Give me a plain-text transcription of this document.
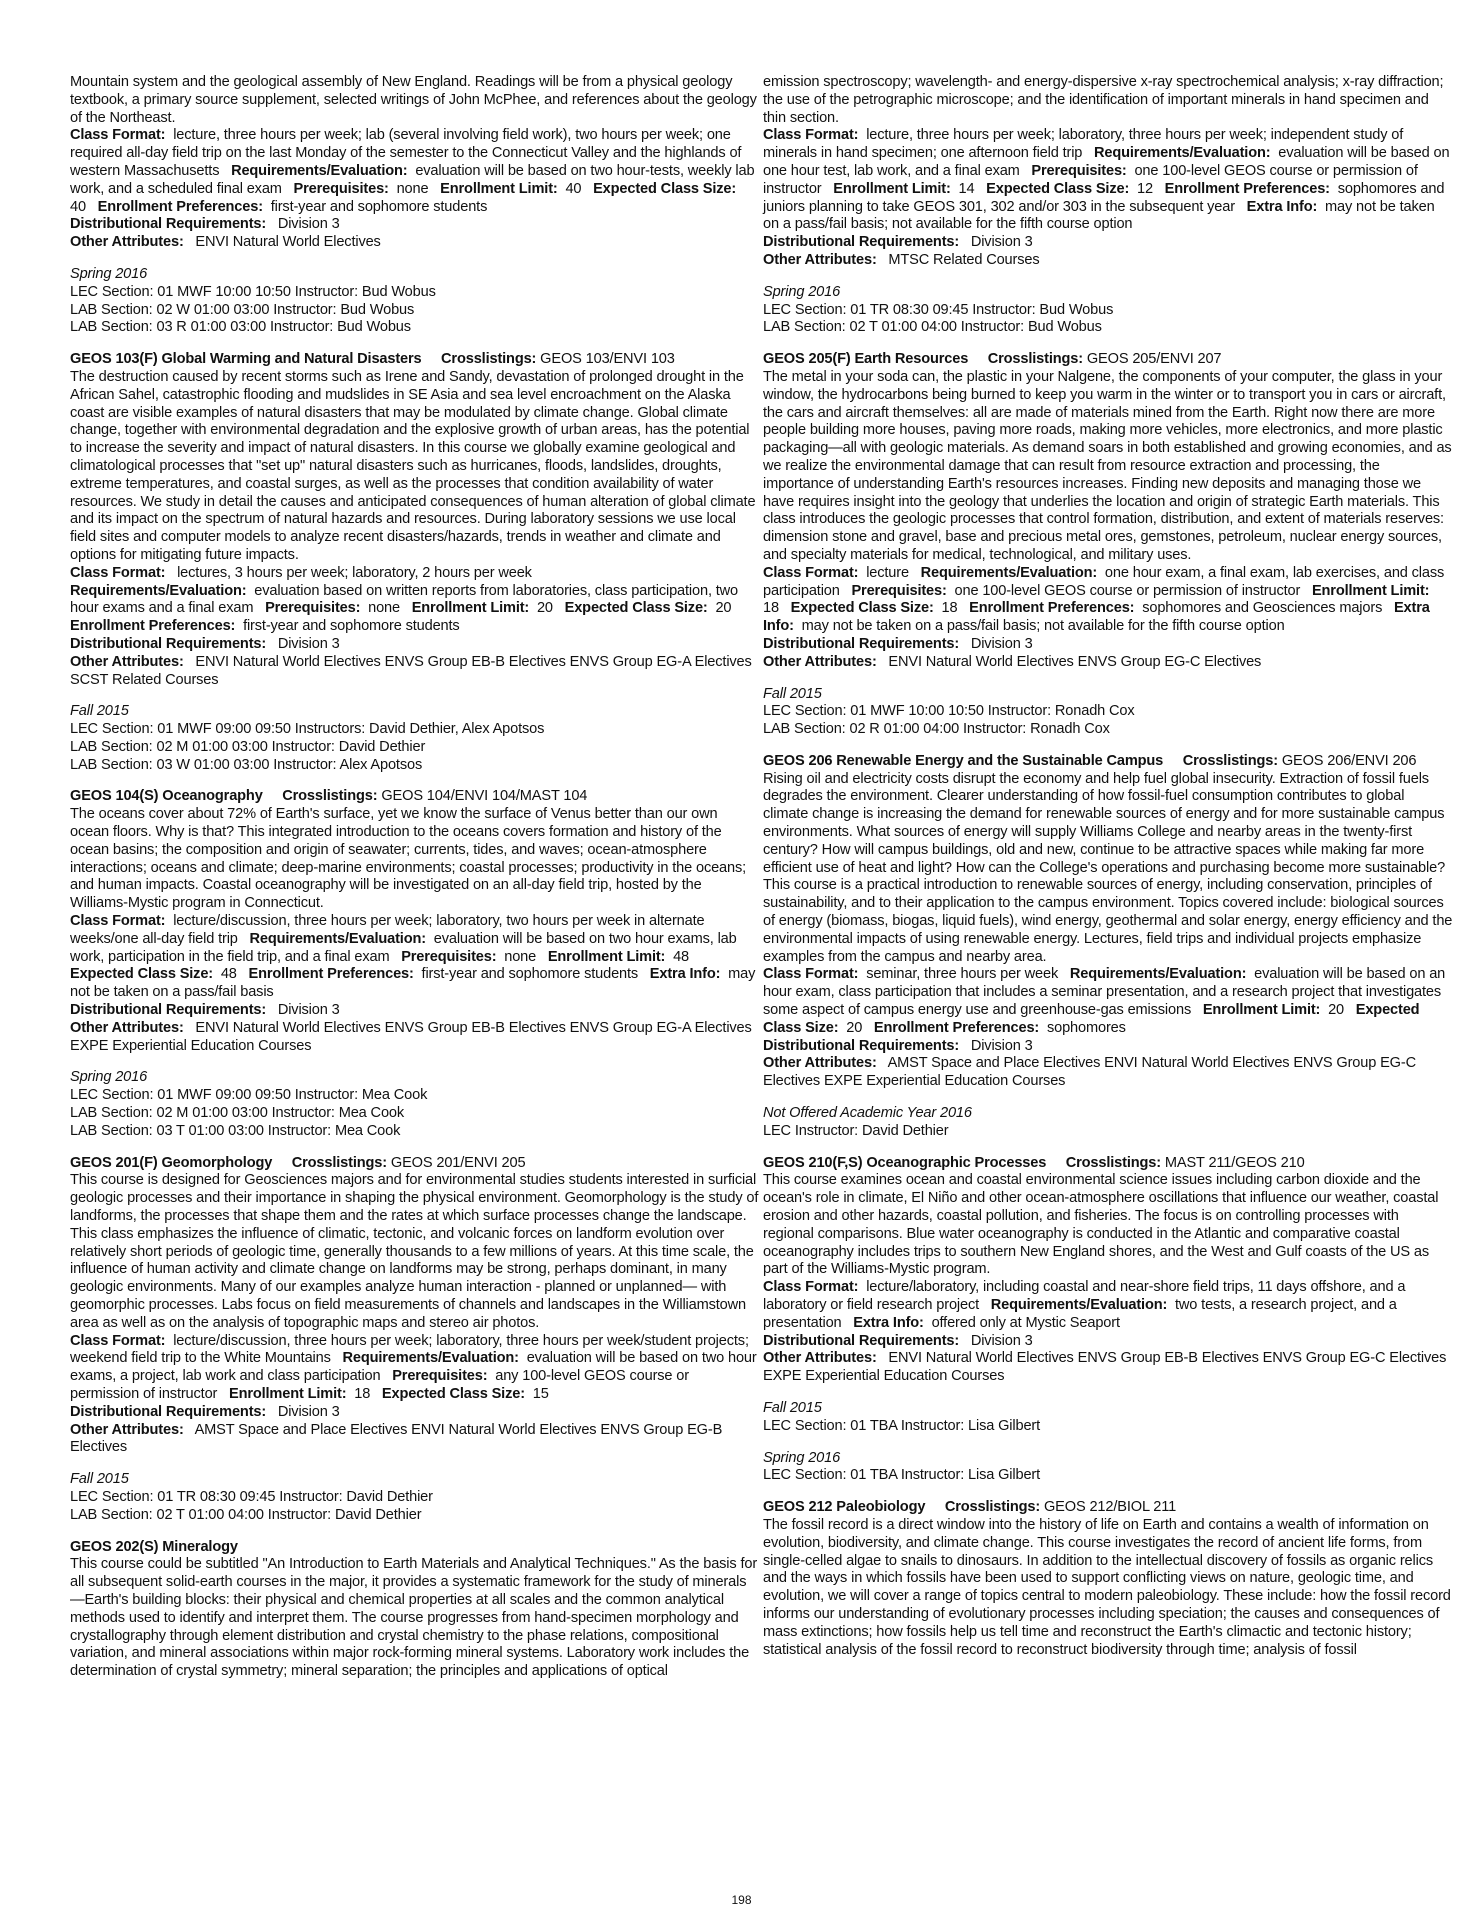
Mountain system and the geological assembly of New England. Readings will be from a physical geology textbook, a primary source supplement, selected writings of John McPhee, and references about the geology of the Northeast.

Class Format: lecture, three hours per week; lab (several involving field work), two hours per week; one required all-day field trip on the last Monday of the semester to the Connecticut Valley and the highlands of western Massachusetts Requirements/Evaluation: evaluation will be based on two hour-tests, weekly lab work, and a scheduled final exam Prerequisites: none Enrollment Limit: 40 Expected Class Size:  40 Enrollment Preferences: first-year and sophomore students

Distributional Requirements: Division 3

Other Attributes: ENVI Natural World Electives

Spring 2016

LEC Section: 01 MWF 10:00 10:50 Instructor: Bud Wobus

LAB Section: 02 W 01:00 03:00 Instructor: Bud Wobus

LAB Section: 03 R 01:00 03:00 Instructor: Bud Wobus

GEOS 103(F) Global Warming and Natural Disasters Crosslistings: GEOS 103/ENVI 103

The destruction caused by recent storms such as Irene and Sandy, devastation of prolonged drought in the African Sahel, catastrophic flooding and mudslides in SE Asia and sea level encroachment on the Alaska coast are visible examples of natural disasters that may be modulated by climate change. Global climate change, together with environmental degradation and the explosive growth of urban areas, has the potential to increase the severity and impact of natural disasters. In this course we globally examine geological and climatological processes that "set up" natural disasters such as hurricanes, floods, landslides, droughts, extreme temperatures, and coastal surges, as well as the processes that condition availability of water resources. We study in detail the causes and anticipated consequences of human alteration of global climate and its impact on the spectrum of natural hazards and resources. During laboratory sessions we use local field sites and computer models to analyze recent disasters/hazards, trends in weather and climate and options for mitigating future impacts.

Class Format: lectures, 3 hours per week; laboratory, 2 hours per week

Requirements/Evaluation: evaluation based on written reports from laboratories, class participation, two hour exams and a final exam Prerequisites: none Enrollment Limit: 20 Expected Class Size: 20   Enrollment Preferences: first-year and sophomore students

Distributional Requirements: Division 3

Other Attributes: ENVI Natural World Electives ENVS Group EB-B Electives ENVS Group EG-A Electives SCST Related Courses

Fall 2015

LEC Section: 01 MWF 09:00 09:50 Instructors: David Dethier, Alex Apotsos

LAB Section: 02 M 01:00 03:00 Instructor: David Dethier

LAB Section: 03 W 01:00 03:00 Instructor: Alex Apotsos

GEOS 104(S) Oceanography Crosslistings: GEOS 104/ENVI 104/MAST 104

The oceans cover about 72% of Earth's surface, yet we know the surface of Venus better than our own ocean floors. Why is that? This integrated introduction to the oceans covers formation and history of the ocean basins; the composition and origin of seawater; currents, tides, and waves; ocean-atmosphere interactions; oceans and climate; deep-marine environments; coastal processes; productivity in the oceans; and human impacts. Coastal oceanography will be investigated on an all-day field trip, hosted by the Williams-Mystic program in Connecticut.

Class Format: lecture/discussion, three hours per week; laboratory, two hours per week in alternate weeks/one all-day field trip Requirements/Evaluation: evaluation will be based on two hour exams, lab work, participation in the field trip, and a final exam Prerequisites: none Enrollment Limit: 48   Expected Class Size: 48 Enrollment Preferences: first-year and sophomore students Extra Info: may not be taken on a pass/fail basis

Distributional Requirements: Division 3

Other Attributes: ENVI Natural World Electives ENVS Group EB-B Electives ENVS Group EG-A Electives EXPE Experiential Education Courses

Spring 2016

LEC Section: 01 MWF 09:00 09:50 Instructor: Mea Cook

LAB Section: 02 M 01:00 03:00 Instructor: Mea Cook

LAB Section: 03 T 01:00 03:00 Instructor: Mea Cook

GEOS 201(F) Geomorphology Crosslistings: GEOS 201/ENVI 205

This course is designed for Geosciences majors and for environmental studies students interested in surficial geologic processes and their importance in shaping the physical environment. Geomorphology is the study of landforms, the processes that shape them and the rates at which surface processes change the landscape. This class emphasizes the influence of climatic, tectonic, and volcanic forces on landform evolution over relatively short periods of geologic time, generally thousands to a few millions of years. At this time scale, the influence of human activity and climate change on landforms may be strong, perhaps dominant, in many geologic environments. Many of our examples analyze human interaction - planned or unplanned— with geomorphic processes. Labs focus on field measurements of channels and landscapes in the Williamstown area as well as on the analysis of topographic maps and stereo air photos.

Class Format: lecture/discussion, three hours per week; laboratory, three hours per week/student projects; weekend field trip to the White Mountains Requirements/Evaluation: evaluation will be based on two hour exams, a project, lab work and class participation Prerequisites: any 100-level GEOS course or permission of instructor Enrollment Limit: 18 Expected Class Size: 15

Distributional Requirements: Division 3

Other Attributes: AMST Space and Place Electives ENVI Natural World Electives ENVS Group EG-B Electives

Fall 2015

LEC Section: 01 TR 08:30 09:45 Instructor: David Dethier

LAB Section: 02 T 01:00 04:00 Instructor: David Dethier

GEOS 202(S) Mineralogy

This course could be subtitled "An Introduction to Earth Materials and Analytical Techniques." As the basis for all subsequent solid-earth courses in the major, it provides a systematic framework for the study of minerals—Earth's building blocks: their physical and chemical properties at all scales and the common analytical methods used to identify and interpret them. The course progresses from hand-specimen morphology and crystallography through element distribution and crystal chemistry to the phase relations, compositional variation, and mineral associations within major rock-forming mineral systems. Laboratory work includes the determination of crystal symmetry; mineral separation; the principles and applications of optical

emission spectroscopy; wavelength- and energy-dispersive x-ray spectrochemical analysis; x-ray diffraction; the use of the petrographic microscope; and the identification of important minerals in hand specimen and thin section.

Class Format: lecture, three hours per week; laboratory, three hours per week; independent study of minerals in hand specimen; one afternoon field trip Requirements/Evaluation: evaluation will be based on one hour test, lab work, and a final exam Prerequisites: one 100-level GEOS course or permission of instructor Enrollment Limit: 14 Expected Class Size: 12 Enrollment Preferences: sophomores and juniors planning to take GEOS 301, 302 and/or 303 in the subsequent year Extra Info: may not be taken on a pass/fail basis; not available for the fifth course option

Distributional Requirements: Division 3

Other Attributes: MTSC Related Courses

Spring 2016

LEC Section: 01 TR 08:30 09:45 Instructor: Bud Wobus

LAB Section: 02 T 01:00 04:00 Instructor: Bud Wobus

GEOS 205(F) Earth Resources Crosslistings: GEOS 205/ENVI 207

The metal in your soda can, the plastic in your Nalgene, the components of your computer, the glass in your window, the hydrocarbons being burned to keep you warm in the winter or to transport you in cars or aircraft, the cars and aircraft themselves: all are made of materials mined from the Earth. Right now there are more people building more houses, paving more roads, making more vehicles, more electronics, and more plastic packaging—all with geologic materials. As demand soars in both established and growing economies, and as we realize the environmental damage that can result from resource extraction and processing, the importance of understanding Earth's resources increases. Finding new deposits and managing those we have requires insight into the geology that underlies the location and origin of strategic Earth materials. This class introduces the geologic processes that control formation, distribution, and extent of materials reserves: dimension stone and gravel, base and precious metal ores, gemstones, petroleum, nuclear energy sources, and specialty materials for medical, technological, and military uses.

Class Format: lecture Requirements/Evaluation: one hour exam, a final exam, lab exercises, and class participation Prerequisites: one 100-level GEOS course or permission of instructor Enrollment Limit:  18 Expected Class Size: 18 Enrollment Preferences: sophomores and Geosciences majors Extra Info: may not be taken on a pass/fail basis; not available for the fifth course option

Distributional Requirements: Division 3

Other Attributes: ENVI Natural World Electives ENVS Group EG-C Electives

Fall 2015

LEC Section: 01 MWF 10:00 10:50 Instructor: Ronadh Cox

LAB Section: 02 R 01:00 04:00 Instructor: Ronadh Cox

GEOS 206 Renewable Energy and the Sustainable Campus Crosslistings: GEOS 206/ENVI 206

Rising oil and electricity costs disrupt the economy and help fuel global insecurity. Extraction of fossil fuels degrades the environment. Clearer understanding of how fossil-fuel consumption contributes to global climate change is increasing the demand for renewable sources of energy and for more sustainable campus environments. What sources of energy will supply Williams College and nearby areas in the twenty-first century? How will campus buildings, old and new, continue to be attractive spaces while making far more efficient use of heat and light? How can the College's operations and purchasing become more sustainable? This course is a practical introduction to renewable sources of energy, including conservation, principles of sustainability, and to their application to the campus environment. Topics covered include: biological sources of energy (biomass, biogas, liquid fuels), wind energy, geothermal and solar energy, energy efficiency and the environmental impacts of using renewable energy. Lectures, field trips and individual projects emphasize examples from the campus and nearby area.

Class Format: seminar, three hours per week Requirements/Evaluation: evaluation will be based on an hour exam, class participation that includes a seminar presentation, and a research project that investigates some aspect of campus energy use and greenhouse-gas emissions Enrollment Limit: 20 Expected Class Size: 20 Enrollment Preferences: sophomores

Distributional Requirements: Division 3

Other Attributes: AMST Space and Place Electives ENVI Natural World Electives ENVS Group EG-C Electives EXPE Experiential Education Courses

Not Offered Academic Year 2016

LEC Instructor: David Dethier

GEOS 210(F,S) Oceanographic Processes Crosslistings: MAST 211/GEOS 210

This course examines ocean and coastal environmental science issues including carbon dioxide and the ocean's role in climate, El Niño and other ocean-atmosphere oscillations that influence our weather, coastal erosion and other hazards, coastal pollution, and fisheries. The focus is on controlling processes with regional comparisons. Blue water oceanography is conducted in the Atlantic and comparative coastal oceanography includes trips to southern New England shores, and the West and Gulf coasts of the US as part of the Williams-Mystic program.

Class Format: lecture/laboratory, including coastal and near-shore field trips, 11 days offshore, and a laboratory or field research project Requirements/Evaluation: two tests, a research project, and a presentation Extra Info: offered only at Mystic Seaport

Distributional Requirements: Division 3

Other Attributes: ENVI Natural World Electives ENVS Group EB-B Electives ENVS Group EG-C Electives EXPE Experiential Education Courses

Fall 2015

LEC Section: 01 TBA Instructor: Lisa Gilbert

Spring 2016

LEC Section: 01 TBA Instructor: Lisa Gilbert

GEOS 212 Paleobiology Crosslistings: GEOS 212/BIOL 211

The fossil record is a direct window into the history of life on Earth and contains a wealth of information on evolution, biodiversity, and climate change. This course investigates the record of ancient life forms, from single-celled algae to snails to dinosaurs. In addition to the intellectual discovery of fossils as organic relics and the ways in which fossils have been used to support conflicting views on nature, geologic time, and evolution, we will cover a range of topics central to modern paleobiology. These include: how the fossil record informs our understanding of evolutionary processes including speciation; the causes and consequences of mass extinctions; how fossils help us tell time and reconstruct the Earth's climactic and tectonic history; statistical analysis of the fossil record to reconstruct biodiversity through time; analysis of fossil

198
